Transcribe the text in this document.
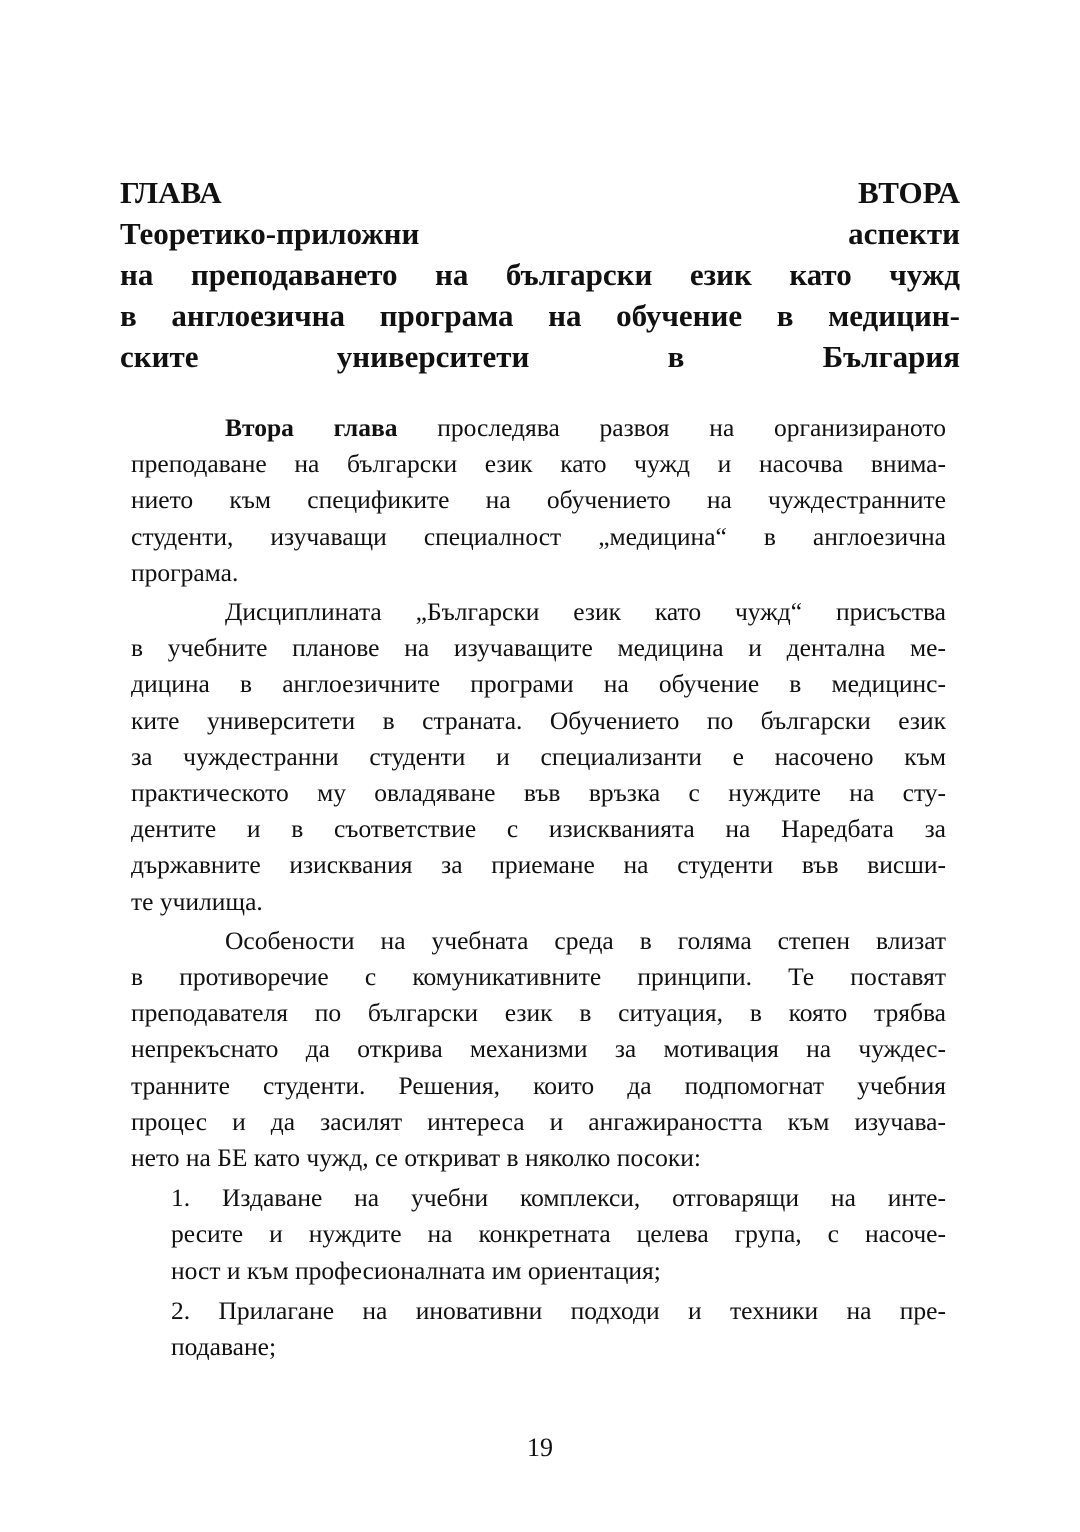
ГЛАВА ВТОРА
Теоретико-приложни аспекти
на преподаването на български език като чужд
в англоезична програма на обучение в медицин-
ските университети в България
Втора глава проследява развоя на организираното
преподаване на български език като чужд и насочва внима-
нието към спецификите на обучението на чуждестранните
студенти, изучаващи специалност „медицина“ в англоезична
програма.
Дисциплината „Български език като чужд“ присъства
в учебните планове на изучаващите медицина и дентална ме-
дицина в англоезичните програми на обучение в медицинс-
ките университети в страната. Обучението по български език
за чуждестранни студенти и специализанти е насочено към
практическото му овладяване във връзка с нуждите на сту-
дентите и в съответствие с изискванията на Наредбата за
държавните изисквания за приемане на студенти във висши-
те училища.
Особености на учебната среда в голяма степен влизат
в противоречие с комуникативните принципи. Те поставят
преподавателя по български език в ситуация, в която трябва
непрекъснато да открива механизми за мотивация на чуждес-
транните студенти. Решения, които да подпомогнат учебния
процес и да засилят интереса и ангажираността към изучава-
нето на БЕ като чужд, се откриват в няколко посоки:
1. Издаване на учебни комплекси, отговарящи на инте-
ресите и нуждите на конкретната целева група, с насоче-
ност и към професионалната им ориентация;
2. Прилагане на иновативни подходи и техники на пре-
подаване;
19
